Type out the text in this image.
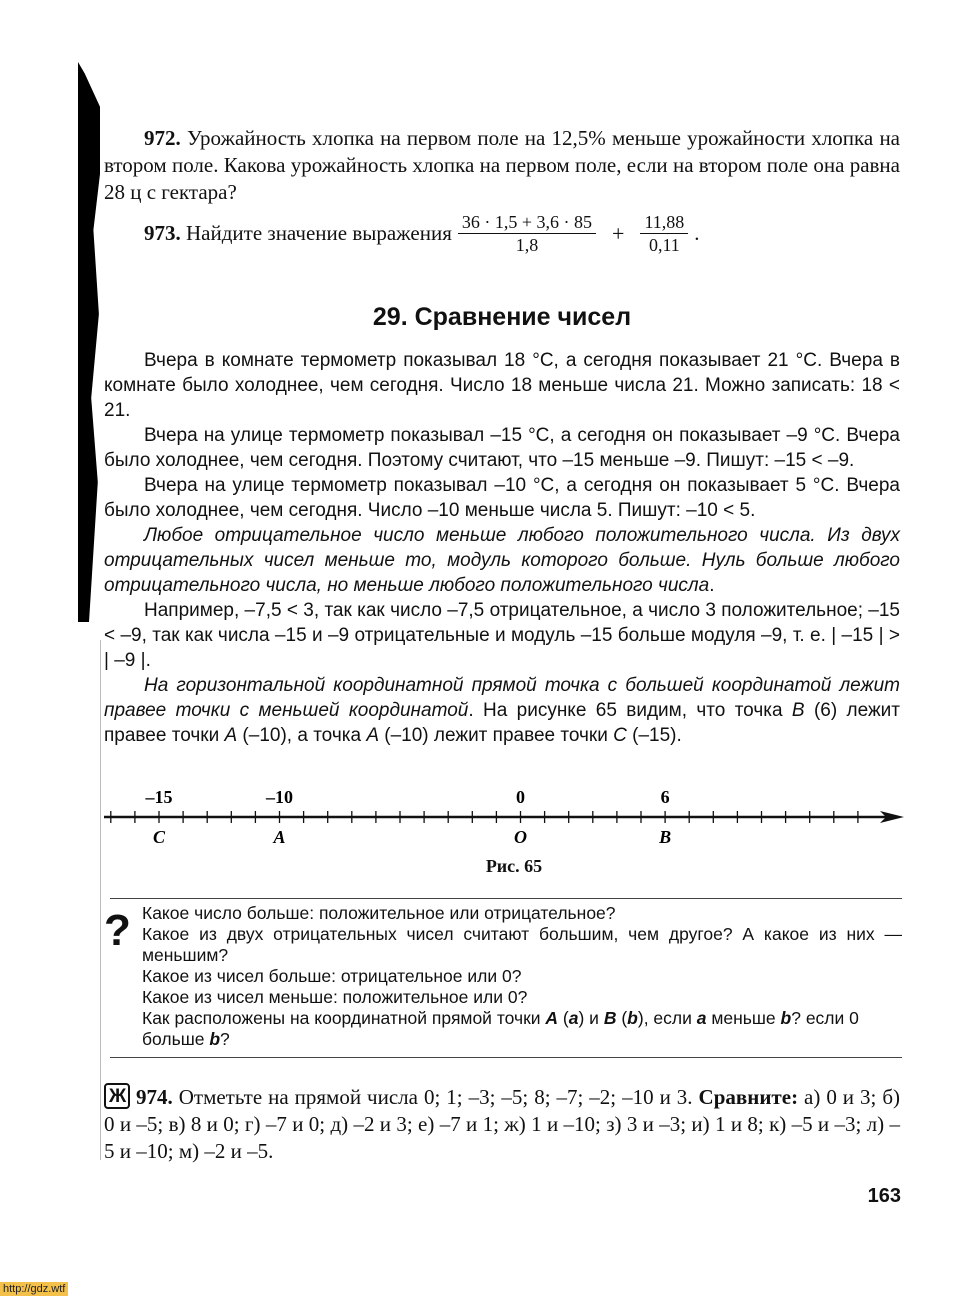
972. Урожайность хлопка на первом поле на 12,5% меньше урожайности хлопка на втором поле. Какова урожайность хлопка на первом поле, если на втором поле она равна 28 ц с гектара?

973.
Найдите значение выражения $\frac{36 \cdot 1,5 + 3,6 \cdot 85}{1,8} + \frac{11,88}{0,11}$ .
29. Сравнение чисел

Вчера в комнате термометр показывал 18 °С, а сегодня показывает 21 °С. Вчера в комнате было холоднее, чем сегодня. Число 18 меньше числа 21. Можно записать: 18 < 21.

Вчера на улице термометр показывал –15 °С, а сегодня он показывает –9 °С. Вчера было холоднее, чем сегодня. Поэтому считают, что –15 меньше –9. Пишут: –15 < –9.

Вчера на улице термометр показывал –10 °С, а сегодня он показывает 5 °С. Вчера было холоднее, чем сегодня. Число –10 меньше числа 5. Пишут: –10 < 5.

Любое отрицательное число меньше любого положительного числа. Из двух отрицательных чисел меньше то, модуль которого больше. Нуль больше любого отрицательного числа, но меньше любого положительного числа.

Например, –7,5 < 3, так как число –7,5 отрицательное, а число 3 положительное; –15 < –9, так как числа –15 и –9 отрицательные и модуль –15 больше модуля –9, т. е. | –15 | > | –9 |.

На горизонтальной координатной прямой точка с большей координатой лежит правее точки с меньшей координатой. На рисунке 65 видим, что точка B (6) лежит правее точки A (–10), а точка A (–10) лежит правее точки C (–15).

–15
C
–10
A
0
O
6
B
Рис. 65
? Какое число больше: положительное или отрицательное?
Какое из двух отрицательных чисел считают большим, чем другое? А какое из них — меньшим?
Какое из чисел больше: отрицательное или 0?
Какое из чисел меньше: положительное или 0?
Как расположены на координатной прямой точки A (a) и B (b), если a меньше b? если 0 больше b?

Ж974. Отметьте на прямой числа 0; 1; –3; –5; 8; –7; –2; –10 и 3. Сравните: а) 0 и 3; б) 0 и –5; в) 8 и 0; г) –7 и 0; д) –2 и 3; е) –7 и 1; ж) 1 и –10; з) 3 и –3; и) 1 и 8; к) –5 и –3; л) –5 и –10; м) –2 и –5.

163
http://gdz.wtf
